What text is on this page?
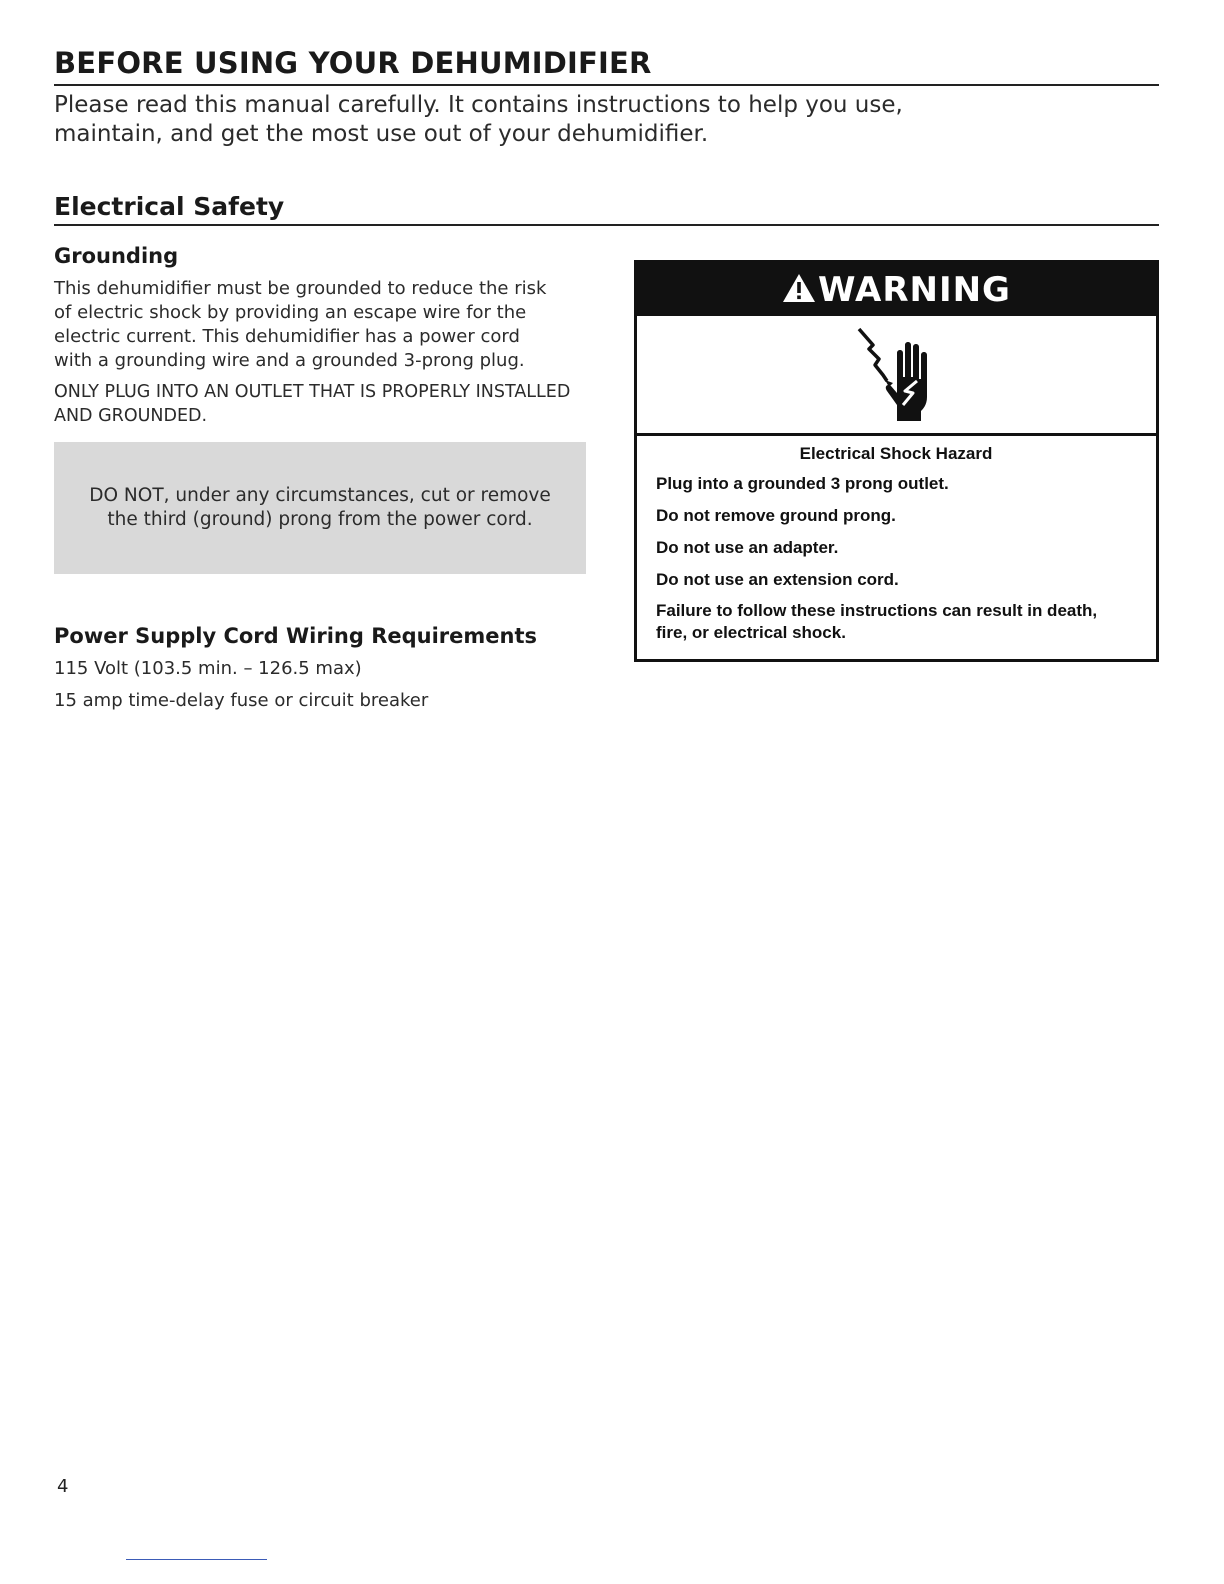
BEFORE USING YOUR DEHUMIDIFIER

Please read this manual carefully. It contains instructions to help you use,

maintain, and get the most use out of your dehumidifier.

Electrical Safety
Grounding

This dehumidifier must be grounded to reduce the risk

of electric shock by providing an escape wire for the

electric current. This dehumidifier has a power cord

with a grounding wire and a grounded 3-prong plug.

ONLY PLUG INTO AN OUTLET THAT IS PROPERLY INSTALLED

AND GROUNDED.

DO NOT, under any circumstances, cut or remove
the third (ground) prong from the power cord.
Power Supply Cord Wiring Requirements
115 Volt (103.5 min. – 126.5 max)
15 amp time-delay fuse or circuit breaker
WARNING
Electrical Shock Hazard
Plug into a grounded 3 prong outlet.
Do not remove ground prong.
Do not use an adapter.
Do not use an extension cord.
Failure to follow these instructions can result in death,
fire, or electrical shock.
4
